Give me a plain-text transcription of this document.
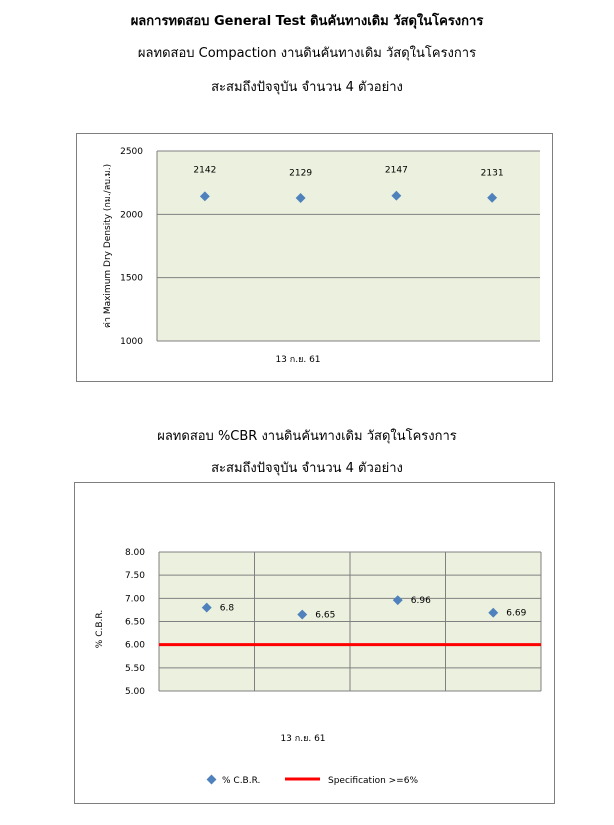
ผลการทดสอบ General Test ดินคันทางเดิม วัสดุในโครงการ
ผลทดสอบ Compaction งานดินคันทางเดิม วัสดุในโครงการ
สะสมถึงปัจจุบัน จำนวน 4 ตัวอย่าง
1000
1500
2000
2500
2142	2129	2147	2131
ค่า Maximum Dry Density (กม./ลบ.ม.)
13 ก.ย. 61
ผลทดสอบ %CBR งานดินคันทางเดิม วัสดุในโครงการ
สะสมถึงปัจจุบัน จำนวน 4 ตัวอย่าง
5.00
5.50
6.00
6.50
7.00
7.50
8.00
6.8
6.65
6.96
6.69
% C.B.R.
13 ก.ย. 61
% C.B.R.	Specification >=6%
